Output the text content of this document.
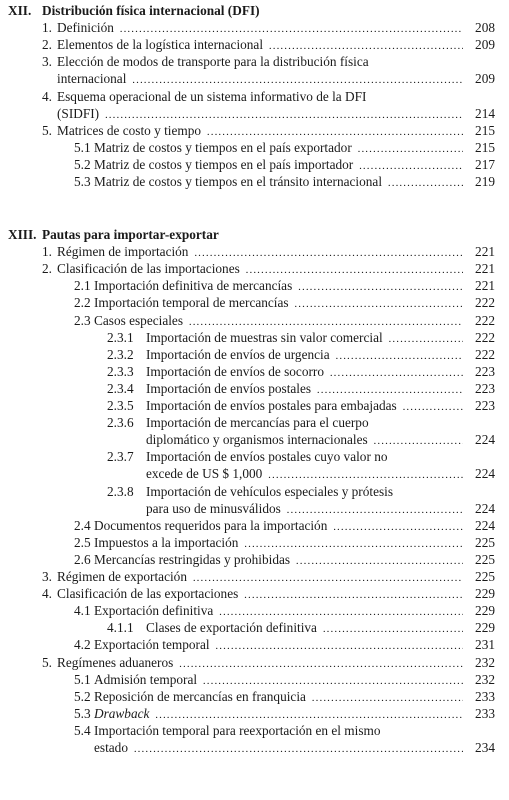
XII. Distribución física internacional (DFI)
1. Definición .....	208
2. Elementos de la logística internacional .....	209
3. Elección de modos de transporte para la distribución física
internacional .....	209
4. Esquema operacional de un sistema informativo de la DFI
(SIDFI) .....	214
5. Matrices de costo y tiempo .....	215
5.1 Matriz de costos y tiempos en el país exportador .....	215
5.2 Matriz de costos y tiempos en el país importador .....	217
5.3 Matriz de costos y tiempos en el tránsito internacional .....	219
XIII. Pautas para importar-exportar
1. Régimen de importación .....	221
2. Clasificación de las importaciones .....	221
2.1 Importación definitiva de mercancías .....	221
2.2 Importación temporal de mercancías .....	222
2.3 Casos especiales .....	222
2.3.1 Importación de muestras sin valor comercial .....	222
2.3.2 Importación de envíos de urgencia .....	222
2.3.3 Importación de envíos de socorro .....	223
2.3.4 Importación de envíos postales .....	223
2.3.5 Importación de envíos postales para embajadas .....	223
2.3.6 Importación de mercancías para el cuerpo
diplomático y organismos internacionales .....	224
2.3.7 Importación de envíos postales cuyo valor no
excede de US $ 1,000 .....	224
2.3.8 Importación de vehículos especiales y prótesis
para uso de minusválidos .....	224
2.4 Documentos requeridos para la importación .....	224
2.5 Impuestos a la importación .....	225
2.6 Mercancías restringidas y prohibidas .....	225
3. Régimen de exportación .....	225
4. Clasificación de las exportaciones .....	229
4.1 Exportación definitiva .....	229
4.1.1 Clases de exportación definitiva .....	229
4.2 Exportación temporal .....	231
5. Regímenes aduaneros .....	232
5.1 Admisión temporal .....	232
5.2 Reposición de mercancías en franquicia .....	233
5.3 Drawback .....	233
5.4 Importación temporal para reexportación en el mismo
estado .....	234
